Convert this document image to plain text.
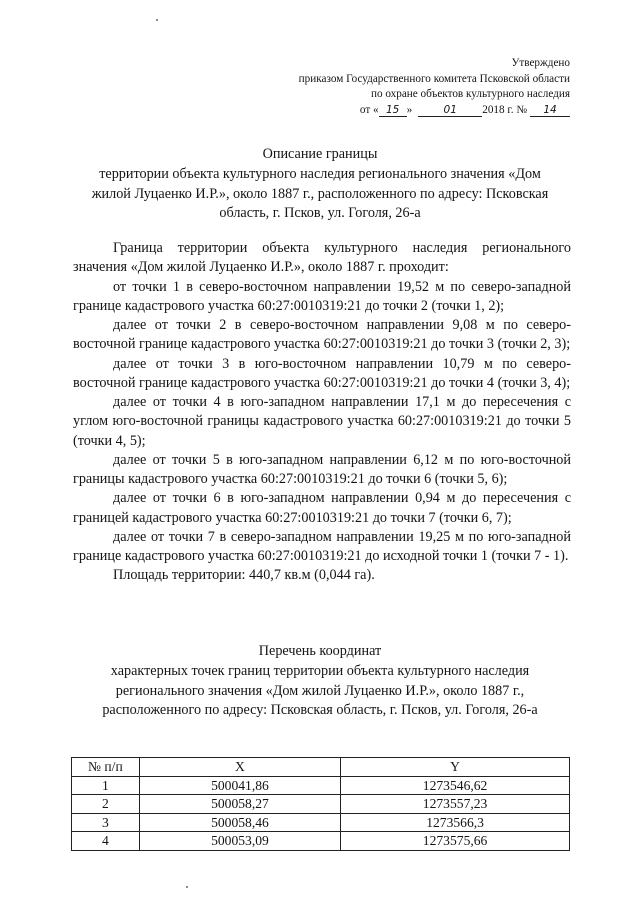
Утверждено
приказом Государственного комитета Псковской области
по охране объектов культурного наследия
от « 15 »	01 2018 г. № 14
Описание границы
территории объекта культурного наследия регионального значения «Дом
жилой Луцаенко И.Р.», около 1887 г., расположенного по адресу: Псковская
область, г. Псков, ул. Гоголя, 26-а

Граница территории объекта культурного наследия регионального значения «Дом жилой Луцаенко И.Р.», около 1887 г. проходит:

от точки 1 в северо-восточном направлении 19,52 м по северо-западной границе кадастрового участка 60:27:0010319:21 до точки 2 (точки 1, 2);

далее от точки 2 в северо-восточном направлении 9,08 м по северо-восточной границе кадастрового участка 60:27:0010319:21 до точки 3 (точки 2, 3);

далее от точки 3 в юго-восточном направлении 10,79 м по северо-восточной границе кадастрового участка 60:27:0010319:21 до точки 4 (точки 3, 4);

далее от точки 4 в юго-западном направлении 17,1 м до пересечения с углом юго-восточной границы кадастрового участка 60:27:0010319:21 до точки 5 (точки 4, 5);

далее от точки 5 в юго-западном направлении 6,12 м по юго-восточной границы кадастрового участка 60:27:0010319:21 до точки 6 (точки 5, 6);

далее от точки 6 в юго-западном направлении 0,94 м до пересечения с границей кадастрового участка 60:27:0010319:21 до точки 7 (точки 6, 7);

далее от точки 7 в северо-западном направлении 19,25 м по юго-западной границе кадастрового участка 60:27:0010319:21 до исходной точки 1 (точки 7 - 1).

Площадь территории: 440,7 кв.м (0,044 га).

Перечень координат
характерных точек границ территории объекта культурного наследия
регионального значения «Дом жилой Луцаенко И.Р.», около 1887 г.,
расположенного по адресу: Псковская область, г. Псков, ул. Гоголя, 26-а
№ п/п	X	Y
1	500041,86	1273546,62
2	500058,27	1273557,23
3	500058,46	1273566,3
4	500053,09	1273575,66
